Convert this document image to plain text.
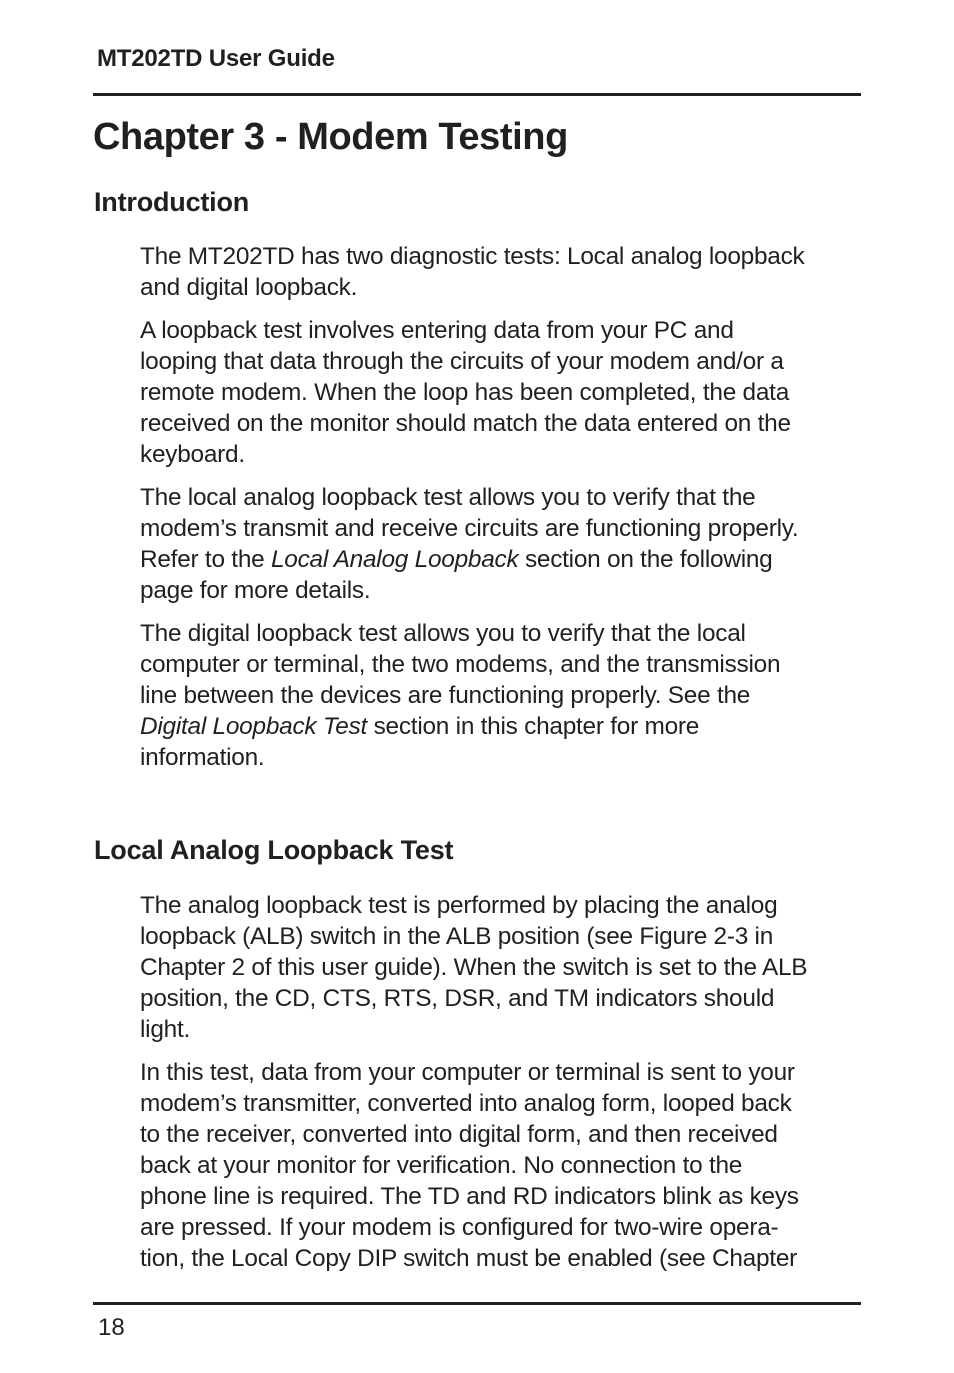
MT202TD User Guide
Chapter 3 - Modem Testing
Introduction

The MT202TD has two diagnostic tests: Local analog loopback
and digital loopback.

A loopback test involves entering data from your PC and
looping that data through the circuits of your modem and/or a
remote modem. When the loop has been completed, the data
received on the monitor should match the data entered on the
keyboard.

The local analog loopback test allows you to verify that the
modem’s transmit and receive circuits are functioning properly.
Refer to the Local Analog Loopback section on the following
page for more details.

The digital loopback test allows you to verify that the local
computer or terminal, the two modems, and the transmission
line between the devices are functioning properly. See the
Digital Loopback Test section in this chapter for more
information.

Local Analog Loopback Test

The analog loopback test is performed by placing the analog
loopback (ALB) switch in the ALB position (see Figure 2-3 in
Chapter 2 of this user guide). When the switch is set to the ALB
position, the CD, CTS, RTS, DSR, and TM indicators should
light.

In this test, data from your computer or terminal is sent to your
modem’s transmitter, converted into analog form, looped back
to the receiver, converted into digital form, and then received
back at your monitor for verification. No connection to the
phone line is required. The TD and RD indicators blink as keys
are pressed. If your modem is configured for two-wire opera-
tion, the Local Copy DIP switch must be enabled (see Chapter

18
